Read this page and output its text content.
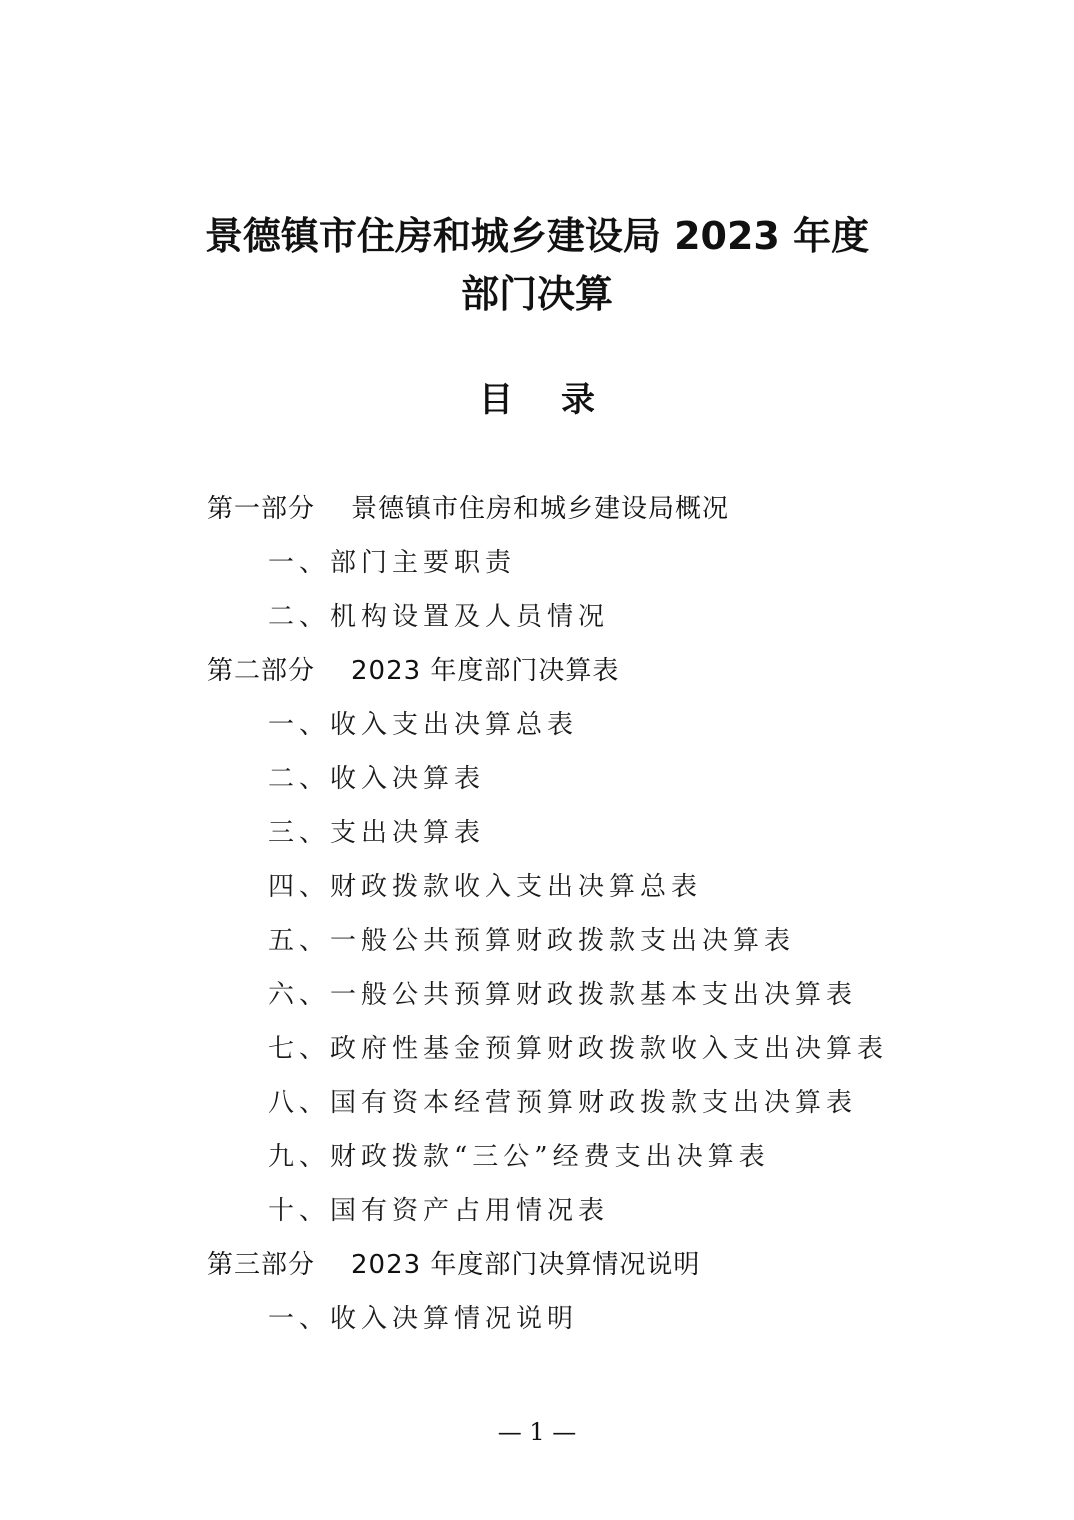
景德镇市住房和城乡建设局 2023 年度
部门决算
目录
第一部分 景德镇市住房和城乡建设局概况
一、部门主要职责
二、机构设置及人员情况
第二部分 2023 年度部门决算表
一、收入支出决算总表
二、收入决算表
三、支出决算表
四、财政拨款收入支出决算总表
五、一般公共预算财政拨款支出决算表
六、一般公共预算财政拨款基本支出决算表
七、政府性基金预算财政拨款收入支出决算表
八、国有资本经营预算财政拨款支出决算表
九、财政拨款“三公”经费支出决算表
十、国有资产占用情况表
第三部分 2023 年度部门决算情况说明
一、收入决算情况说明
— 1 —
